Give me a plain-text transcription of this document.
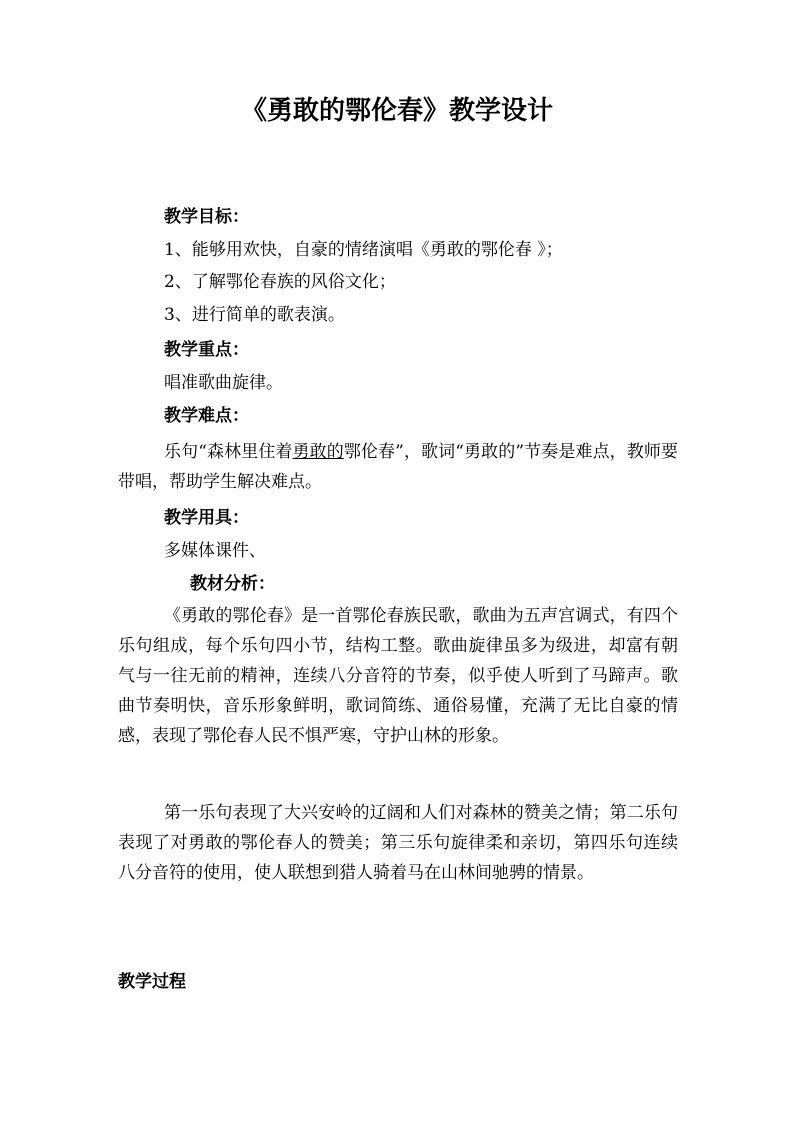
《勇敢的鄂伦春》教学设计
教学目标：
1、能够用欢快，自豪的情绪演唱《勇敢的鄂伦春 》；
2、了解鄂伦春族的风俗文化；
3、进行简单的歌表演。
教学重点：
唱准歌曲旋律。
教学难点：
乐句“森林里住着勇敢的鄂伦春”，歌词“勇敢的”节奏是难点，教师要带唱，帮助学生解决难点。
教学用具：
多媒体课件、
教材分析：
《勇敢的鄂伦春》是一首鄂伦春族民歌，歌曲为五声宫调式，有四个乐句组成，每个乐句四小节，结构工整。歌曲旋律虽多为级进，却富有朝气与一往无前的精神，连续八分音符的节奏，似乎使人听到了马蹄声。歌曲节奏明快，音乐形象鲜明，歌词简练、通俗易懂，充满了无比自豪的情感，表现了鄂伦春人民不惧严寒，守护山林的形象。
第一乐句表现了大兴安岭的辽阔和人们对森林的赞美之情；第二乐句表现了对勇敢的鄂伦春人的赞美；第三乐句旋律柔和亲切，第四乐句连续八分音符的使用，使人联想到猎人骑着马在山林间驰骋的情景。
教学过程
